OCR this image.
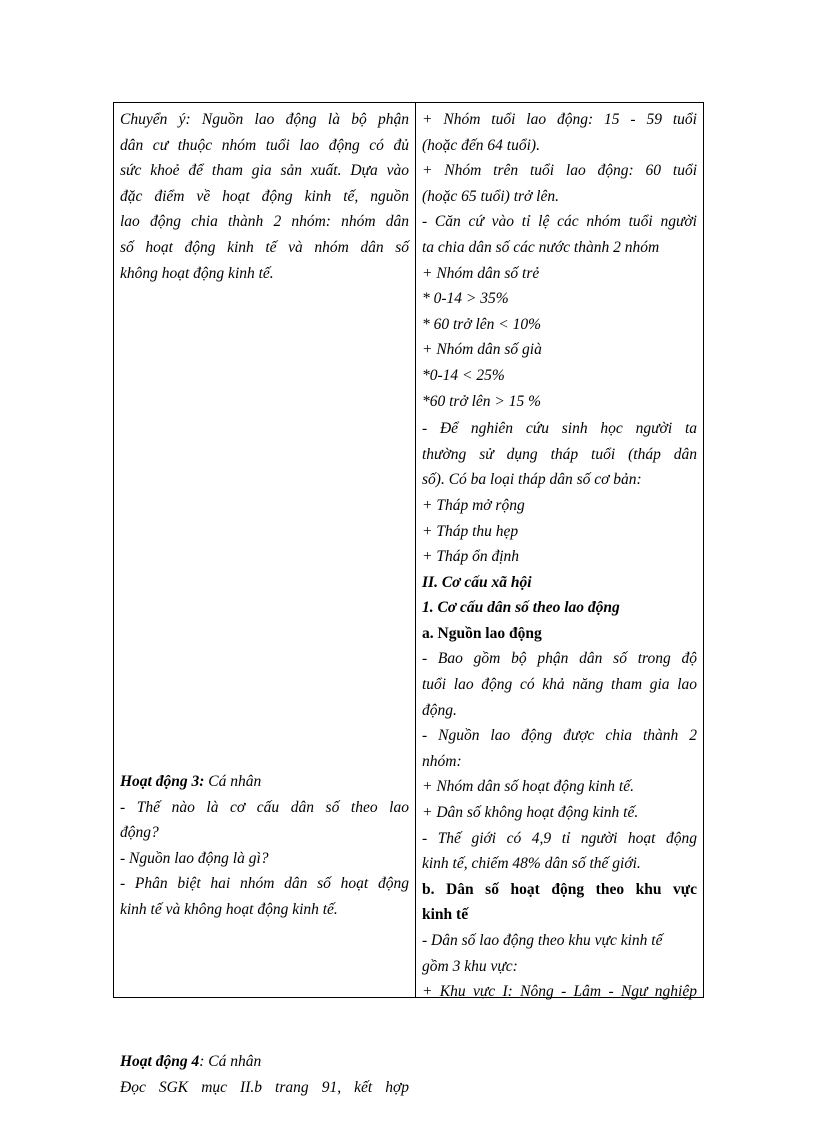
Chuyển ý: Nguồn lao động là bộ phận

dân cư thuộc nhóm tuổi lao động có đủ

sức khoẻ để tham gia sản xuất. Dựa vào

đặc điểm về hoạt động kinh tế, nguồn

lao động chia thành 2 nhóm: nhóm dân

số hoạt động kinh tế và nhóm dân số

không hoạt động kinh tế.

Hoạt động 3: Cá nhân

- Thế nào là cơ cấu dân số theo lao

động?

- Nguồn lao động là gì?

- Phân biệt hai nhóm dân số hoạt động

kinh tế và không hoạt động kinh tế.

Hoạt động 4: Cá nhân

Đọc SGK mục II.b trang 91, kết hợp

+ Nhóm tuổi lao động: 15 - 59 tuổi

(hoặc đến 64 tuổi).

+ Nhóm trên tuổi lao động: 60 tuổi

(hoặc 65 tuổi) trở lên.

- Căn cứ vào tỉ lệ các nhóm tuổi người

ta chia dân số các nước thành 2 nhóm

+ Nhóm dân số trẻ

* 0-14 > 35%

* 60 trở lên < 10%

+ Nhóm dân số già

*0-14 < 25%

*60 trở lên > 15 %

- Để nghiên cứu sinh học người ta

thường sử dụng tháp tuổi (tháp dân

số). Có ba loại tháp dân số cơ bản:

+ Tháp mở rộng

+ Tháp thu hẹp

+ Tháp ổn định

II. Cơ cấu xã hội

1. Cơ cấu dân số theo lao động

a. Nguồn lao động

- Bao gồm bộ phận dân số trong độ

tuổi lao động có khả năng tham gia lao

động.

- Nguồn lao động được chia thành 2

nhóm:

+ Nhóm dân số hoạt động kinh tế.

+ Dân số không hoạt động kinh tế.

- Thế giới có 4,9 tỉ người hoạt động

kinh tế, chiếm 48% dân số thế giới.

b. Dân số hoạt động theo khu vực

kinh tế

- Dân số lao động theo khu vực kinh tế

gồm 3 khu vực:

+ Khu vực I: Nông - Lâm - Ngư nghiệp
